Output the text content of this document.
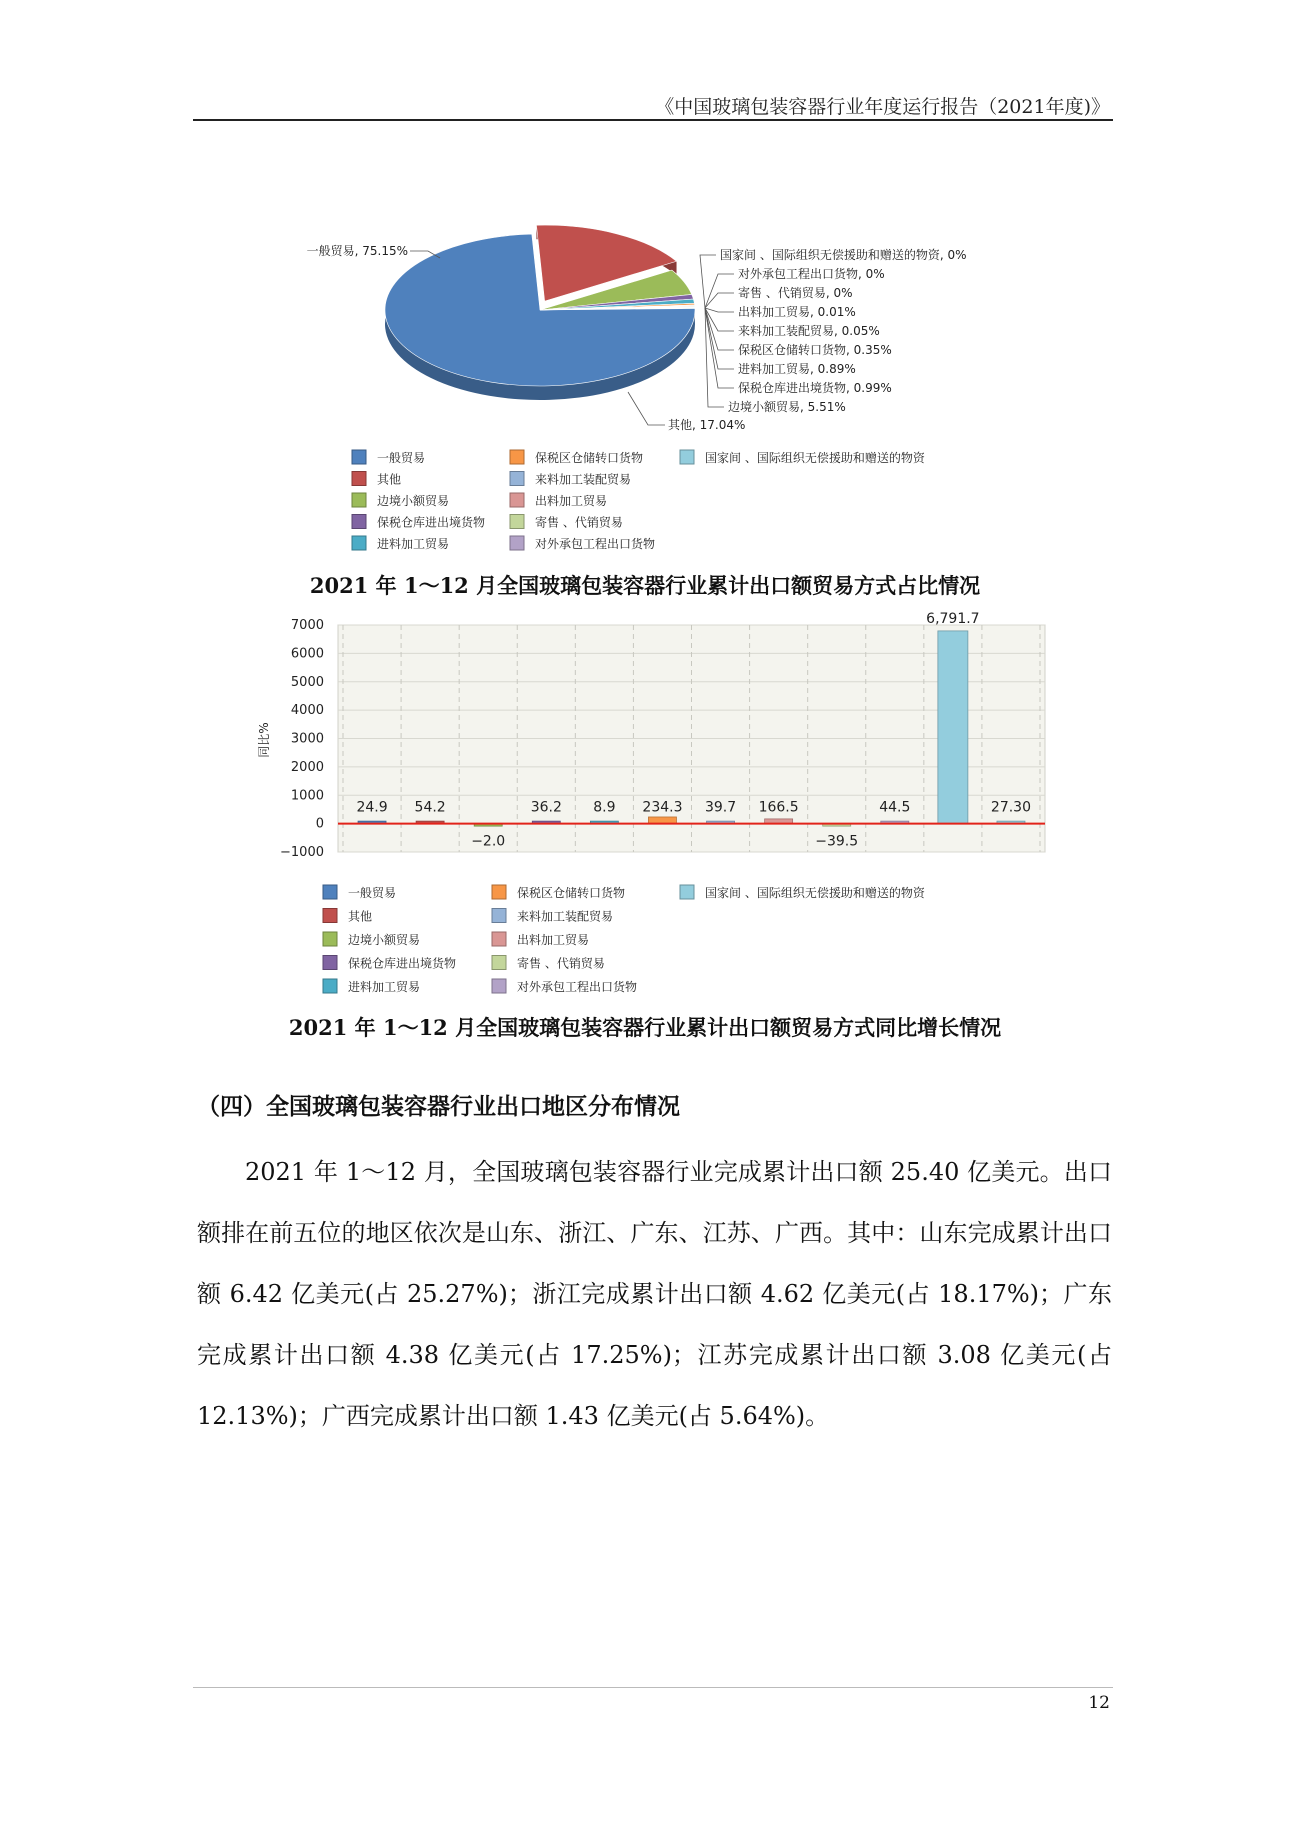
《中国玻璃包装容器行业年度运行报告（2021年度)》
国家间 、国际组织无偿援助和赠送的物资, 0%
对外承包工程出口货物, 0%
寄售 、代销贸易, 0%
出料加工贸易, 0.01%
来料加工装配贸易, 0.05%
保税区仓储转口货物, 0.35%
进料加工贸易, 0.89%
保税仓库进出境货物, 0.99%
边境小额贸易, 5.51%
一般贸易, 75.15%
其他, 17.04%
一般贸易	保税区仓储转口货物	国家间 、国际组织无偿援助和赠送的物资
其他	来料加工装配贸易
边境小额贸易	出料加工贸易
保税仓库进出境货物	寄售 、代销贸易
进料加工贸易	对外承包工程出口货物
2021 年 1～12 月全国玻璃包装容器行业累计出口额贸易方式占比情况
7000
6000
5000
4000
3000
2000
1000
0
−1000
同比%
24.9 54.2
−2.0
36.2 8.9 234.3 39.7 166.5
−39.5
44.5
6,791.7
27.30
一般贸易	保税区仓储转口货物	国家间 、国际组织无偿援助和赠送的物资
其他	来料加工装配贸易
边境小额贸易	出料加工贸易
保税仓库进出境货物	寄售 、代销贸易
进料加工贸易	对外承包工程出口货物
2021 年 1～12 月全国玻璃包装容器行业累计出口额贸易方式同比增长情况
（四）全国玻璃包装容器行业出口地区分布情况
2021 年 1～12 月，全国玻璃包装容器行业完成累计出口额 25.40 亿美元。出口额排在前五位的地区依次是山东、浙江、广东、江苏、广西。其中：山东完成累计出口额 6.42 亿美元(占 25.27%)；浙江完成累计出口额 4.62 亿美元(占 18.17%)；广东完成累计出口额 4.38 亿美元(占 17.25%)；江苏完成累计出口额 3.08 亿美元(占 12.13%)；广西完成累计出口额 1.43 亿美元(占 5.64%)。
12
